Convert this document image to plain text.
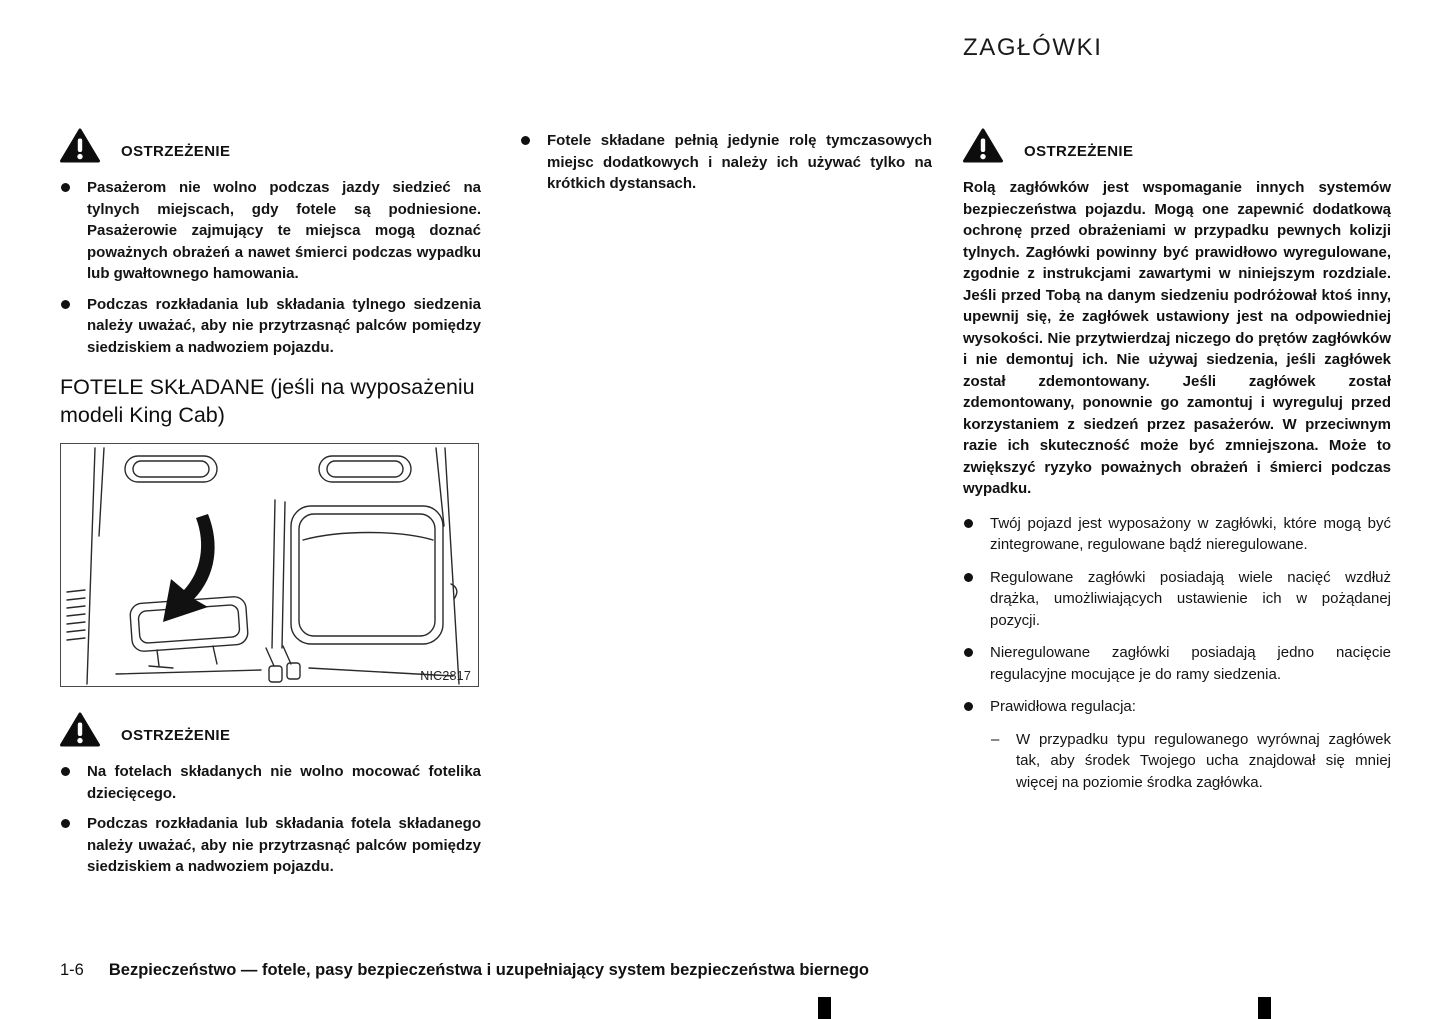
ZAGŁÓWKI
OSTRZEŻENIE
Pasażerom nie wolno podczas jazdy siedzieć na tylnych miejscach, gdy fotele są podniesione. Pasażerowie zajmujący te miejsca mogą doznać poważnych obrażeń a nawet śmierci podczas wypadku lub gwałtownego hamowania.
Podczas rozkładania lub składania tylnego siedzenia należy uważać, aby nie przytrzasnąć palców pomiędzy siedziskiem a nadwoziem pojazdu.
FOTELE SKŁADANE (jeśli na wyposażeniu modeli King Cab)
NIC2817
OSTRZEŻENIE
Na fotelach składanych nie wolno mocować fotelika dziecięcego.
Podczas rozkładania lub składania fotela składanego należy uważać, aby nie przytrzasnąć palców pomiędzy siedziskiem a nadwoziem pojazdu.
Fotele składane pełnią jedynie rolę tymczasowych miejsc dodatkowych i należy ich używać tylko na krótkich dystansach.
OSTRZEŻENIE

Rolą zagłówków jest wspomaganie innych systemów bezpieczeństwa pojazdu. Mogą one zapewnić dodatkową ochronę przed obrażeniami w przypadku pewnych kolizji tylnych. Zagłówki powinny być prawidłowo wyregulowane, zgodnie z instrukcjami zawartymi w niniejszym rozdziale. Jeśli przed Tobą na danym siedzeniu podróżował ktoś inny, upewnij się, że zagłówek ustawiony jest na odpowiedniej wysokości. Nie przytwierdzaj niczego do prętów zagłówków i nie demontuj ich. Nie używaj siedzenia, jeśli zagłówek został zdemontowany. Jeśli zagłówek został zdemontowany, ponownie go zamontuj i wyreguluj przed korzystaniem z siedzeń przez pasażerów. W przeciwnym razie ich skuteczność może być zmniejszona. Może to zwiększyć ryzyko poważnych obrażeń i śmierci podczas wypadku.

Twój pojazd jest wyposażony w zagłówki, które mogą być zintegrowane, regulowane bądź nieregulowane.
Regulowane zagłówki posiadają wiele nacięć wzdłuż drążka, umożliwiających ustawienie ich w pożądanej pozycji.
Nieregulowane zagłówki posiadają jedno nacięcie regulacyjne mocujące je do ramy siedzenia.
Prawidłowa regulacja:
–	W przypadku typu regulowanego wyrównaj zagłówek tak, aby środek Twojego ucha znajdował się mniej więcej na poziomie środka zagłówka.
1-6 Bezpieczeństwo — fotele, pasy bezpieczeństwa i uzupełniający system bezpieczeństwa biernego
